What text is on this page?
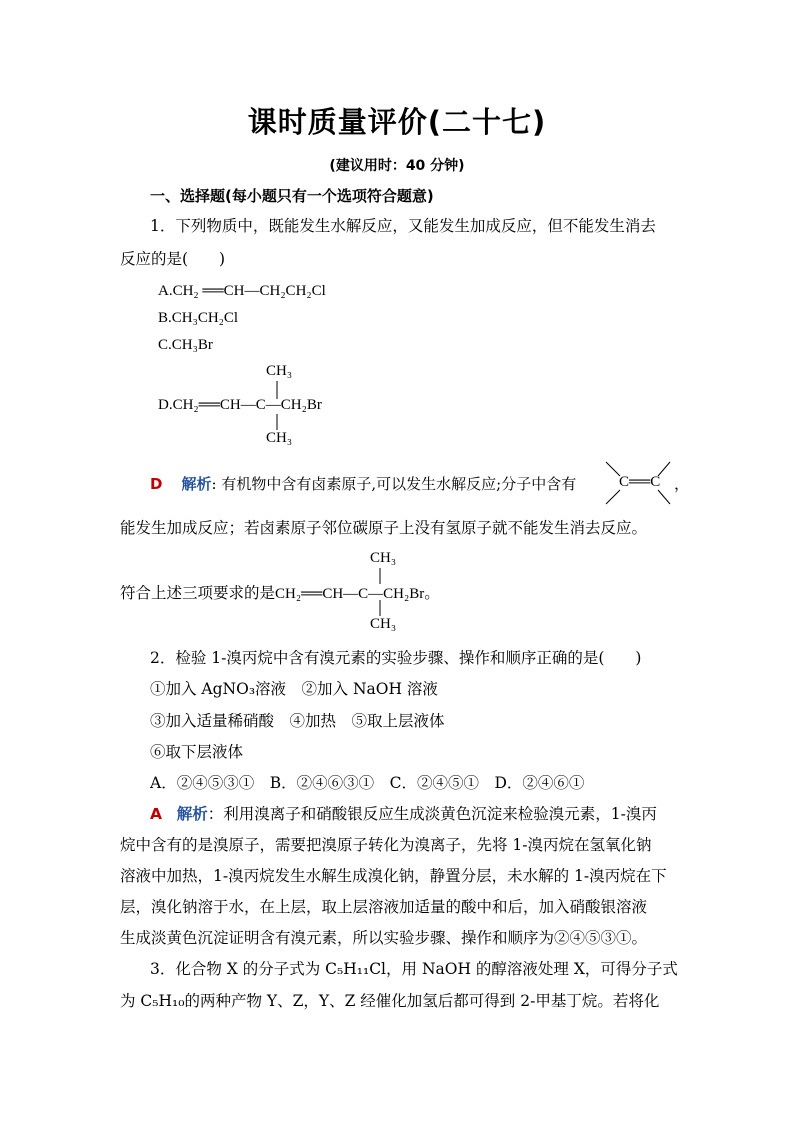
课时质量评价(二十七)
(建议用时：40 分钟)
一、选择题(每小题只有一个选项符合题意)
1．下列物质中，既能发生水解反应，又能发生加成反应，但不能发生消去
反应的是(　　)
A.CH₂ ══CH—CH₂CH₂Cl
B.CH₃CH₂Cl
C.CH₃Br
CH₃
D.CH₂══CH—C—CH₂Br
CH₃
D 解析: 有机物中含有卤素原子,可以发生水解反应;分子中含有	C══C ，
能发生加成反应；若卤素原子邻位碳原子上没有氢原子就不能发生消去反应。
CH₃
符合上述三项要求的是CH₂══CH—C—CH₂Br。
CH₃
2．检验 1-溴丙烷中含有溴元素的实验步骤、操作和顺序正确的是(　　)
①加入 AgNO₃溶液　②加入 NaOH 溶液
③加入适量稀硝酸　④加热　⑤取上层液体
⑥取下层液体
A．②④⑤③①　B．②④⑥③①　C．②④⑤①　D．②④⑥①
A 解析：利用溴离子和硝酸银反应生成淡黄色沉淀来检验溴元素，1-溴丙
烷中含有的是溴原子，需要把溴原子转化为溴离子，先将 1-溴丙烷在氢氧化钠
溶液中加热，1-溴丙烷发生水解生成溴化钠，静置分层，未水解的 1-溴丙烷在下
层，溴化钠溶于水，在上层，取上层溶液加适量的酸中和后，加入硝酸银溶液
生成淡黄色沉淀证明含有溴元素，所以实验步骤、操作和顺序为②④⑤③①。
3．化合物 X 的分子式为 C₅H₁₁Cl，用 NaOH 的醇溶液处理 X，可得分子式
为 C₅H₁₀的两种产物 Y、Z，Y、Z 经催化加氢后都可得到 2-甲基丁烷。若将化
